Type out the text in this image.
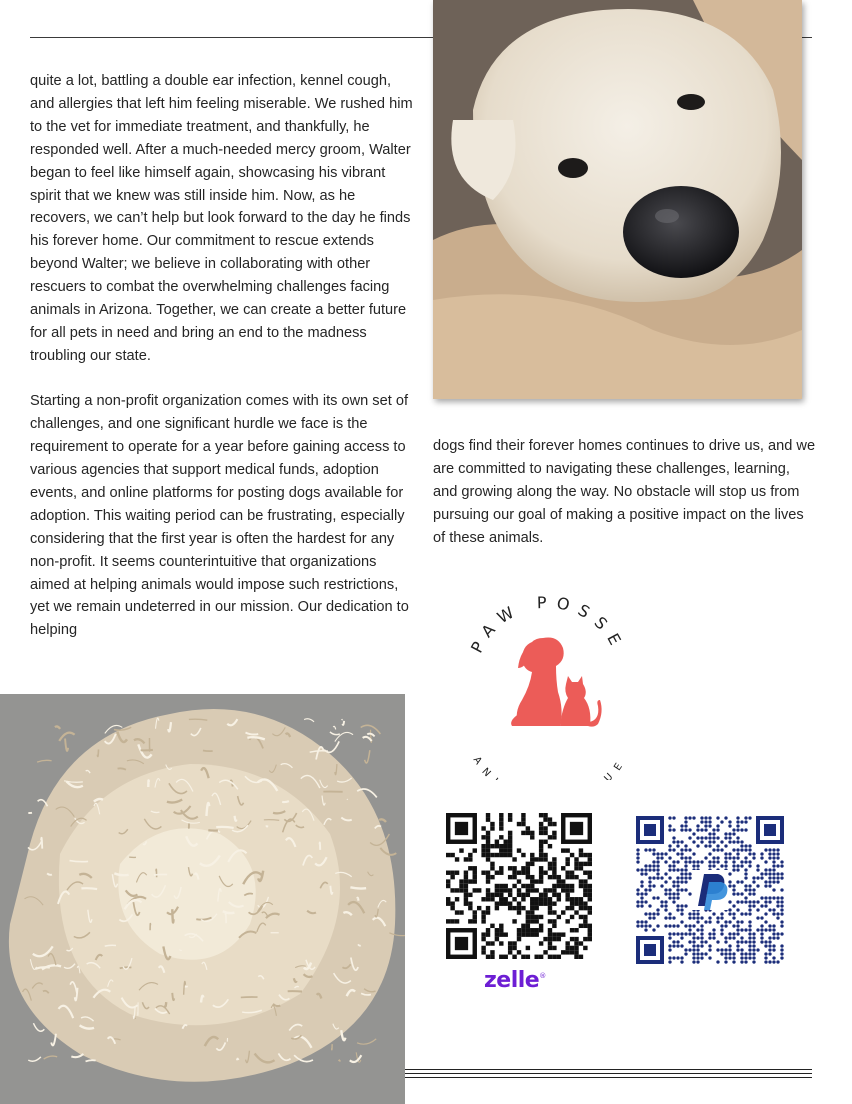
quite a lot, battling a double ear infection, kennel cough, and allergies that left him feeling miserable. We rushed him to the vet for immediate treatment, and thankfully, he responded well. After a much-needed mercy groom, Walter began to feel like himself again, showcasing his vibrant spirit that we knew was still inside him. Now, as he recovers, we can’t help but look forward to the day he finds his forever home. Our commitment to rescue extends beyond Walter; we believe in collaborating with other rescuers to combat the overwhelming challenges facing animals in Arizona. Together, we can create a better future for all pets in need and bring an end to the madness troubling our state.

Starting a non-profit organization comes with its own set of challenges, and one significant hurdle we face is the requirement to operate for a year before gaining access to various agencies that support medical funds, adoption events, and online platforms for posting dogs available for adoption. This waiting period can be frustrating, especially considering that the first year is often the hardest for any non-profit. It seems counterintuitive that organizations aimed at helping animals would impose such restrictions, yet we remain undeterred in our mission. Our dedication to helping

dogs find their forever homes continues to drive us, and we are committed to navigating these challenges, learning, and growing along the way. No obstacle will stop us from pursuing our goal of making a positive impact on the lives of these animals.

PAW POSSE
AN UE
zelle®
